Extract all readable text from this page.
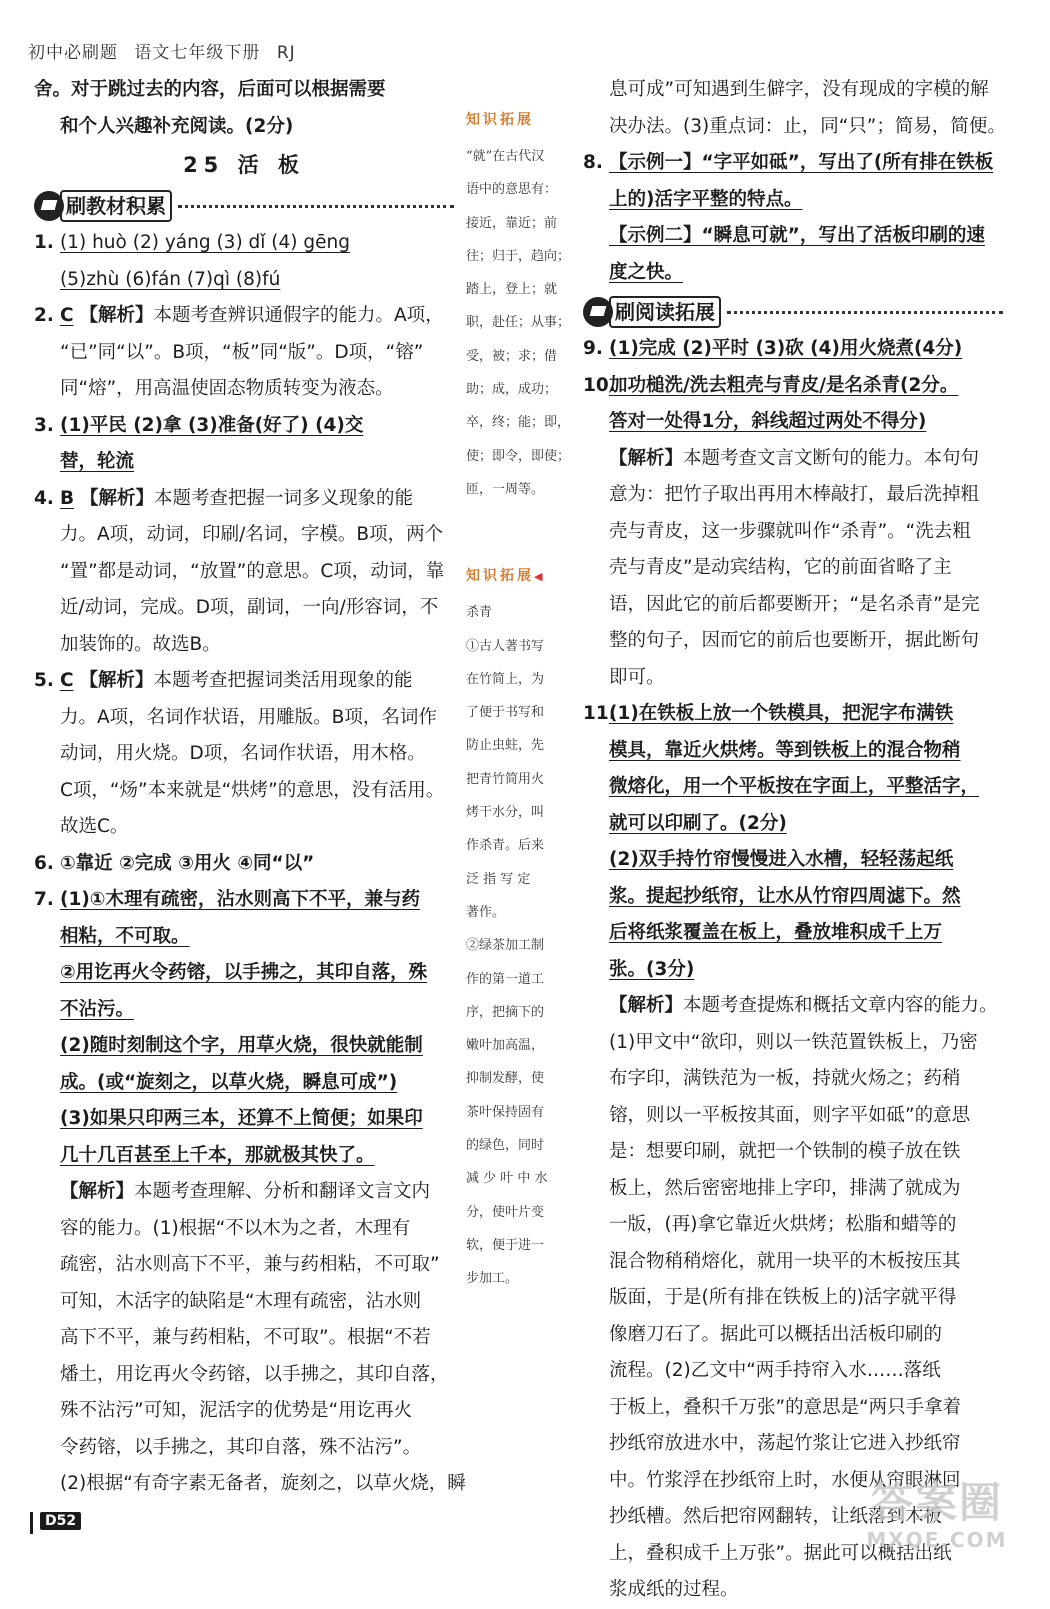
初中必刷题 语文七年级下册 RJ
舍。对于跳过去的内容，后面可以根据需要
和个人兴趣补充阅读。(2分)
25 活 板
刷教材积累
1. (1) huò (2) yáng (3) dǐ (4) gēng
(5)zhù (6)fán (7)qì (8)fú
2. C 【解析】本题考查辨识通假字的能力。A项，
“已”同“以”。B项，“板”同“版”。D项，“镕”
同“熔”，用高温使固态物质转变为液态。
3. (1)平民 (2)拿 (3)准备(好了) (4)交
替，轮流
4. B 【解析】本题考查把握一词多义现象的能
力。A项，动词，印刷/名词，字模。B项，两个
“置”都是动词，“放置”的意思。C项，动词，靠
近/动词，完成。D项，副词，一向/形容词，不
加装饰的。故选B。
5. C 【解析】本题考查把握词类活用现象的能
力。A项，名词作状语，用雕版。B项，名词作
动词，用火烧。D项，名词作状语，用木格。
C项，“炀”本来就是“烘烤”的意思，没有活用。
故选C。
6. ①靠近 ②完成 ③用火 ④同“以”
7. (1)①木理有疏密，沾水则高下不平，兼与药
相粘，不可取。
②用讫再火令药镕，以手拂之，其印自落，殊
不沾污。
(2)随时刻制这个字，用草火烧，很快就能制
成。(或“旋刻之，以草火烧，瞬息可成”)
(3)如果只印两三本，还算不上简便；如果印
几十几百甚至上千本，那就极其快了。
【解析】本题考查理解、分析和翻译文言文内
容的能力。(1)根据“不以木为之者，木理有
疏密，沾水则高下不平，兼与药相粘，不可取”
可知，木活字的缺陷是“木理有疏密，沾水则
高下不平，兼与药相粘，不可取”。根据“不若
燔土，用讫再火令药镕，以手拂之，其印自落，
殊不沾污”可知，泥活字的优势是“用讫再火
令药镕，以手拂之，其印自落，殊不沾污”。
(2)根据“有奇字素无备者，旋刻之，以草火烧，瞬
知识拓展
“就”在古代汉
语中的意思有：
接近，靠近；前
往；归于，趋向；
踏上，登上；就
职，赴任；从事；
受，被；求；借
助；成，成功；
卒，终；能；即，
使；即令，即使；
匝，一周等。
知识拓展◀
杀青
①古人著书写
在竹简上，为
了便于书写和
防止虫蛀，先
把青竹简用火
烤干水分，叫
作杀青。后来
泛 指 写 定
著作。
②绿茶加工制
作的第一道工
序，把摘下的
嫩叶加高温，
抑制发酵，使
茶叶保持固有
的绿色，同时
减 少 叶 中 水
分，使叶片变
软，便于进一
步加工。
息可成”可知遇到生僻字，没有现成的字模的解
决办法。(3)重点词：止，同“只”；简易，简便。
8. 【示例一】“字平如砥”，写出了(所有排在铁板
上的)活字平整的特点。
【示例二】“瞬息可就”，写出了活板印刷的速
度之快。
刷阅读拓展
9. (1)完成 (2)平时 (3)砍 (4)用火烧煮(4分)
10.加功槌洗/洗去粗壳与青皮/是名杀青(2分。
答对一处得1分，斜线超过两处不得分)
【解析】本题考查文言文断句的能力。本句句
意为：把竹子取出再用木棒敲打，最后洗掉粗
壳与青皮，这一步骤就叫作“杀青”。“洗去粗
壳与青皮”是动宾结构，它的前面省略了主
语，因此它的前后都要断开；“是名杀青”是完
整的句子，因而它的前后也要断开，据此断句
即可。
11.(1)在铁板上放一个铁模具，把泥字布满铁
模具，靠近火烘烤。等到铁板上的混合物稍
微熔化，用一个平板按在字面上，平整活字，
就可以印刷了。(2分)
(2)双手持竹帘慢慢进入水槽，轻轻荡起纸
浆。提起抄纸帘，让水从竹帘四周滤下。然
后将纸浆覆盖在板上，叠放堆积成千上万
张。(3分)
【解析】本题考查提炼和概括文章内容的能力。
(1)甲文中“欲印，则以一铁范置铁板上，乃密
布字印，满铁范为一板，持就火炀之；药稍
镕，则以一平板按其面，则字平如砥”的意思
是：想要印刷，就把一个铁制的模子放在铁
板上，然后密密地排上字印，排满了就成为
一版，(再)拿它靠近火烘烤；松脂和蜡等的
混合物稍稍熔化，就用一块平的木板按压其
版面，于是(所有排在铁板上的)活字就平得
像磨刀石了。据此可以概括出活板印刷的
流程。(2)乙文中“两手持帘入水……落纸
于板上，叠积千万张”的意思是“两只手拿着
抄纸帘放进水中，荡起竹浆让它进入抄纸帘
中。竹浆浮在抄纸帘上时，水便从帘眼淋回
抄纸槽。然后把帘网翻转，让纸落到木板
上，叠积成千上万张”。据此可以概括出纸
浆成纸的过程。
D52	答案圈
MXQE.COM
